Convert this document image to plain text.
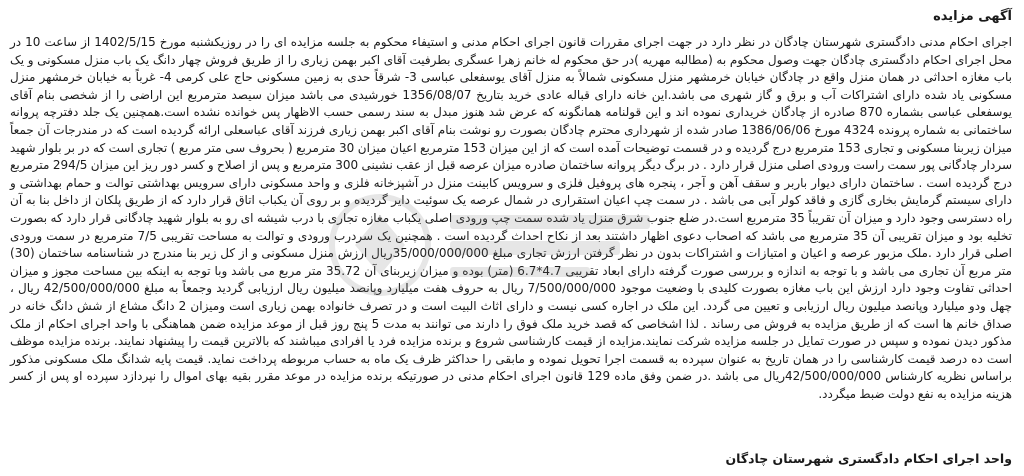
آگهی مزایده

اجرای احکام مدنی دادگستری شهرستان چادگان در نظر دارد در جهت اجرای مقررات قانون اجرای احکام مدنی و استیفاء محکوم به جلسه مزایده ای را در روزیکشنبه مورخ 1402/5/15 از ساعت 10 در محل اجرای احکام دادگستری چادگان جهت وصول محکوم به (مطالبه مهریه )در حق محکوم له خانم زهرا عسگری بطرفیت آقای اکبر بهمن زیاری را از طریق فروش چهار دانگ یک باب منزل مسکونی و یک باب مغازه احداثی در همان منزل واقع در چادگان خیابان خرمشهر منزل مسکونی شمالاً به منزل آقای یوسفعلی عباسی 3- شرقاً حدی به زمین مسکونی حاج علی کرمی 4- غرباً به خیابان خرمشهر منزل مسکونی یاد شده دارای اشتراکات آب و برق و گاز شهری می باشد.این خانه دارای قباله عادی خرید بتاریخ 1356/08/07 خورشیدی می باشد میزان سیصد مترمربع این اراضی را از شخصی بنام آقای یوسفعلی عباسی بشماره 870 صادره از چادگان خریداری نموده اند و این قولنامه همانگونه که عرض شد هنوز مبدل به سند رسمی حسب الاظهار پس خوانده نشده است.همچنین یک جلد دفترچه پروانه ساختمانی به شماره پرونده 4324 مورخ 1386/06/06 صادر شده از شهرداری محترم چادگان بصورت رو نوشت بنام آقای اکبر بهمن زیاری فرزند آقای عباسعلی ارائه گردیده است که در مندرجات آن جمعاً میزان زیربنا مسکونی و تجاری 153 مترمربع درج گردیده و در قسمت توضیحات آمده است که از این میزان 153 مترمربع اعیان میزان 30 مترمربع ( بحروف سی متر مربع ) تجاری است که در بر بلوار شهید سردار چادگانی پور سمت راست ورودی اصلی منزل قرار دارد . در برگ دیگر پروانه ساختمان صادره میزان عرصه قبل از عقب نشینی 300 مترمربع و پس از اصلاح و کسر دور ریز این میزان 294/5 مترمربع درج گردیده است . ساختمان دارای دیوار باربر و سقف آهن و آجر ، پنجره های پروفیل فلزی و سرویس کابینت منزل در آشپزخانه فلزی و واحد مسکونی دارای سرویس بهداشتی توالت و حمام بهداشتی و دارای سیستم گرمایش بخاری گازی و فاقد کولر آبی می باشد . در سمت چپ اعیان استقراری در شمال عرصه یک سوئیت دایر گردیده و بر روی آن یکباب اتاق قرار دارد که از طریق پلکان از داخل بنا به آن راه دسترسی وجود دارد و میزان آن تقریباً 35 مترمربع است.در ضلع جنوب شرق منزل یاد شده سمت چپ ورودی اصلی یکباب مغازه تجاری با درب شیشه ای رو به بلوار شهید چادگانی قرار دارد که بصورت تخلیه بود و میزان تقریبی آن 35 مترمربع می باشد که اصحاب دعوی اظهار داشتند بعد از نکاح احداث گردیده است . همچنین یک سردرب ورودی و توالت به مساحت تقریبی 7/5 مترمربع در سمت ورودی اصلی قرار دارد .ملک مزبور عرصه و اعیان و امتیازات و اشتراکات بدون در نظر گرفتن ارزش تجاری مبلغ 35/000/000/000ریال ارزش منزل مسکونی و از کل زیر بنا مندرج در شناسنامه ساختمان (30) متر مربع آن تجاری می باشد و با توجه به اندازه و بررسی صورت گرفته دارای ابعاد تقریبی 4.7*6.7 (متر) بوده و میزان زیربنای آن 35.72 متر مربع می باشد وبا توجه به اینکه بین مساحت مجوز و میزان احداثی تفاوت وجود دارد ارزش این باب مغازه بصورت کلیدی با وضعیت موجود 7/500/000/000 ریال به حروف هفت میلیارد وپانصد میلیون ریال ارزیابی گردید وجمعاً به مبلغ 42/500/000/000 ریال ، چهل ودو میلیارد وپانصد میلیون ریال ارزیابی و تعیین می گردد. این ملک در اجاره کسی نیست و دارای اثاث البیت است و در تصرف خانواده بهمن زیاری است ومیزان 2 دانگ مشاع از شش دانگ خانه در صداق خانم ها است که از طریق مزایده به فروش می رساند . لذا اشخاصی که قصد خرید ملک فوق را دارند می توانند به مدت 5 پنج روز قبل از موعد مزایده ضمن هماهنگی با واحد اجرای احکام از ملک مذکور دیدن نموده و سپس در صورت تمایل در جلسه مزایده شرکت نمایند.مزایده از قیمت کارشناسی شروع و برنده مزایده فرد یا افرادی میباشند که بالاترین قیمت را پیشنهاد نمایند. برنده مزایده موظف است ده درصد قیمت کارشناسی را در همان تاریخ به عنوان سپرده به قسمت اجرا تحویل نموده و مابقی را حداکثر ظرف یک ماه به حساب مربوطه پرداخت نماید. قیمت پایه شدانگ ملک مسکونی مذکور براساس نظریه کارشناس 42/500/000/000ریال می باشد .در ضمن وفق ماده 129 قانون اجرای احکام مدنی در صورتیکه برنده مزایده در موعد مقرر بقیه بهای اموال را نپردازد سپرده او پس از کسر هزینه مزایده به نفع دولت ضبط میگردد.

واحد اجرای احکام دادگستری شهرستان چادگان
